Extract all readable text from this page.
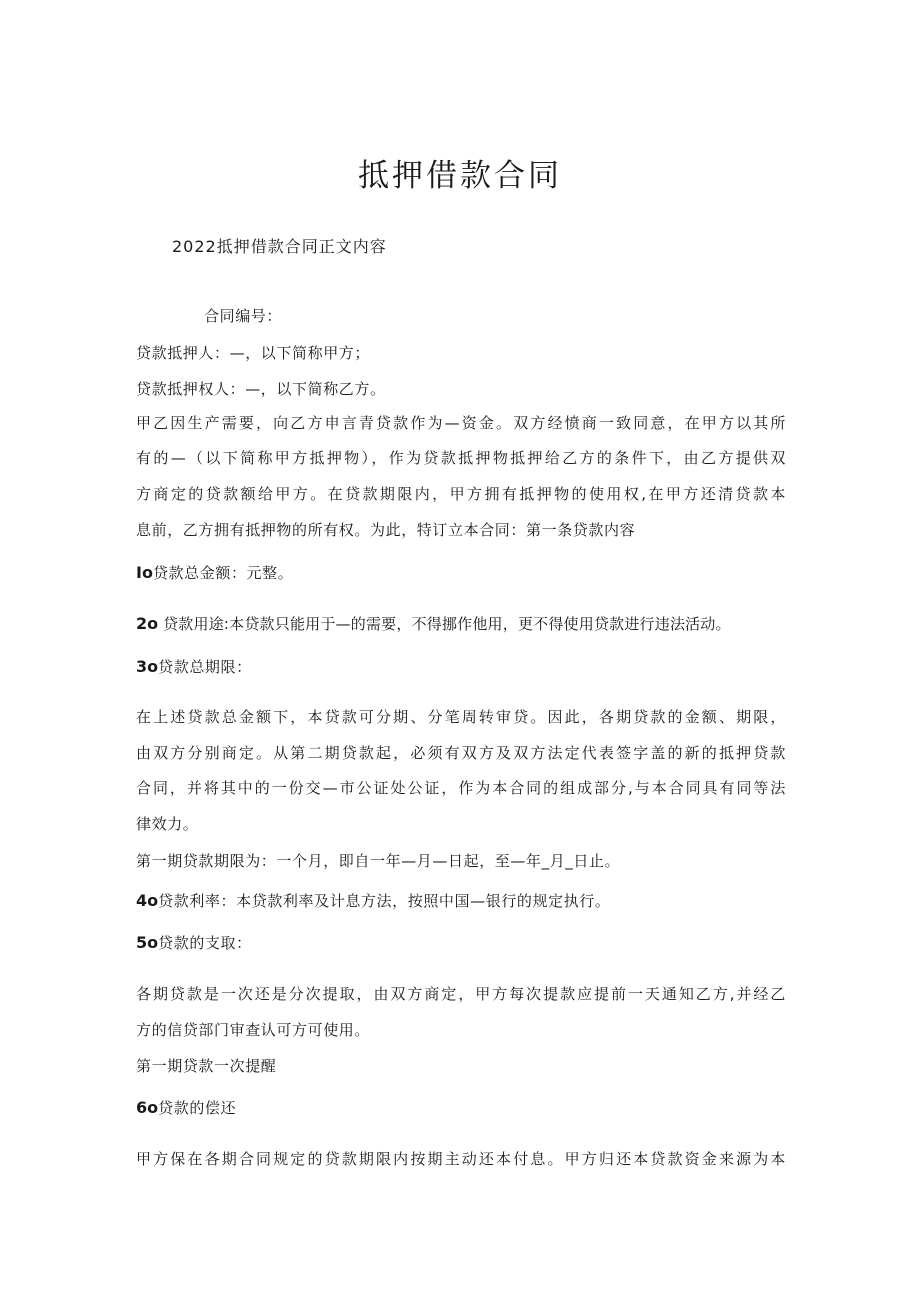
抵押借款合同
2022抵押借款合同正文内容
合同编号：
贷款抵押人：—，以下简称甲方；
贷款抵押权人：—，以下简称乙方。
甲乙因生产需要，向乙方申言青贷款作为—资金。双方经愤商一致同意，在甲方以其所
有的—（以下简称甲方抵押物），作为贷款抵押物抵押给乙方的条件下，由乙方提供双
方商定的贷款额给甲方。在贷款期限内，甲方拥有抵押物的使用权,在甲方还清贷款本
息前，乙方拥有抵押物的所有权。为此，特订立本合同：第一条贷款内容
Io贷款总金额：元整。
2o 贷款用途:本贷款只能用于—的需要，不得挪作他用，更不得使用贷款进行违法活动。
3o贷款总期限：
在上述贷款总金额下，本贷款可分期、分笔周转审贷。因此，各期贷款的金额、期限，
由双方分别商定。从第二期贷款起，必须有双方及双方法定代表签字盖的新的抵押贷款
合同，并将其中的一份交—市公证处公证，作为本合同的组成部分,与本合同具有同等法
律效力。
第一期贷款期限为：一个月，即自一年—月—日起，至—年_月_日止。
4o贷款利率：本贷款利率及计息方法，按照中国—银行的规定执行。
5o贷款的支取：
各期贷款是一次还是分次提取，由双方商定，甲方每次提款应提前一天通知乙方,并经乙
方的信贷部门审查认可方可使用。
第一期贷款一次提醒
6o贷款的偿还
甲方保在各期合同规定的贷款期限内按期主动还本付息。甲方归还本贷款资金来源为本
